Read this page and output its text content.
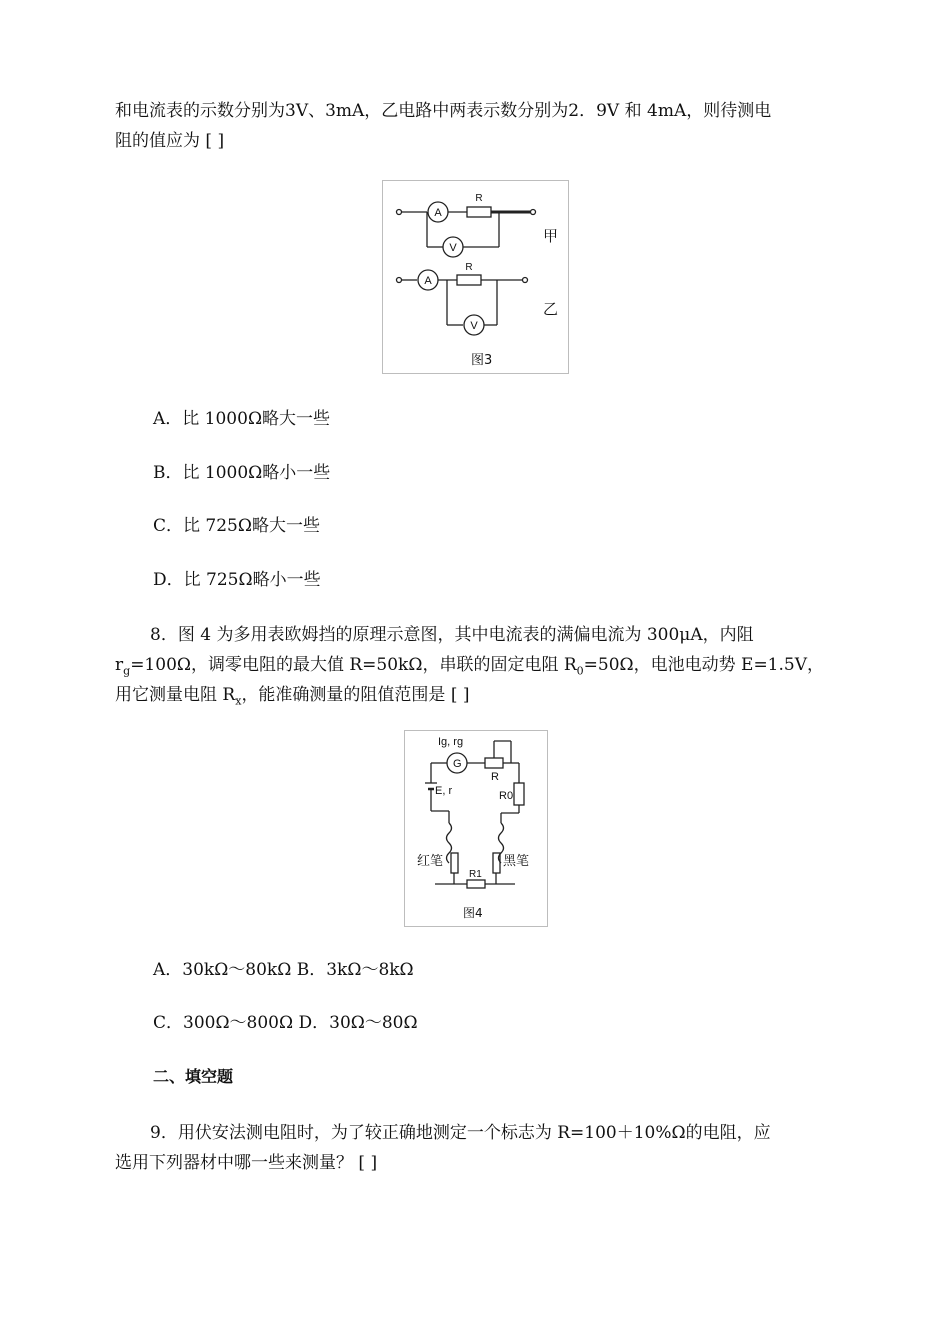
和电流表的示数分别为3V、3mA，乙电路中两表示数分别为2．9V 和 4mA，则待测电

阻的值应为 [ ]

A
V
A
V
R
R
甲
乙
图3

A．比 1000Ω略大一些

B．比 1000Ω略小一些

C．比 725Ω略大一些

D．比 725Ω略小一些

8．图 4 为多用表欧姆挡的原理示意图，其中电流表的满偏电流为 300μA，内阻

$r_g=100\Omega$，调零电阻的最大值 R=50kΩ，串联的固定电阻 $R_0=50\Omega$，电池电动势 E=1.5V，

用它测量电阻 $R_x$，能准确测量的阻值范围是 [ ]

Ig, rg
G
R
R0
E, r
R1
红笔	黑笔
图4

A．30kΩ～80kΩ B．3kΩ～8kΩ

C．300Ω～800Ω D．30Ω～80Ω

二、填空题

9．用伏安法测电阻时，为了较正确地测定一个标志为 R=100＋10%Ω的电阻，应

选用下列器材中哪一些来测量？ [ ]
